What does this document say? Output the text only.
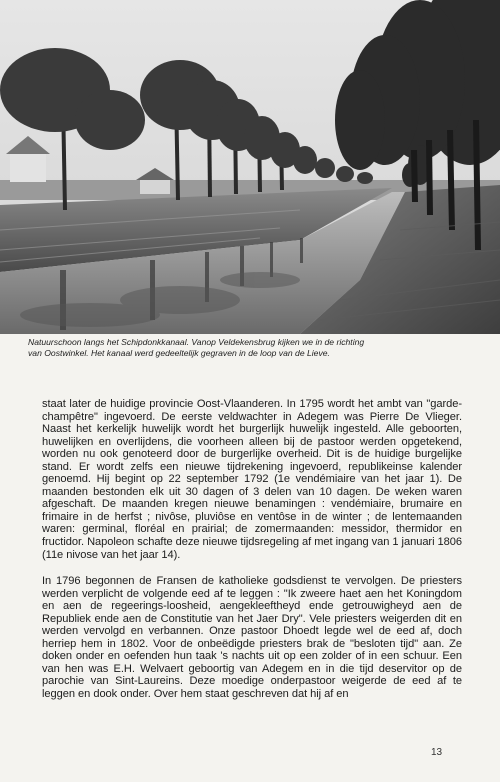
Natuurschoon langs het Schipdonkkanaal. Vanop Veldekensbrug kijken we in de richting van Oostwinkel. Het kanaal werd gedeeltelijk gegraven in de loop van de Lieve.

staat later de huidige provincie Oost-Vlaanderen. In 1795 wordt het ambt van "garde-champêtre" ingevoerd. De eerste veldwachter in Adegem was Pierre De Vlieger. Naast het kerkelijk huwelijk wordt het burgerlijk huwelijk ingesteld. Alle geboorten, huwelijken en overlijdens, die voorheen alleen bij de pastoor werden opgetekend, worden nu ook genoteerd door de burgerlijke overheid. Dit is de huidige burgelijke stand. Er wordt zelfs een nieuwe tijdrekening ingevoerd, republikeinse kalender genoemd. Hij begint op 22 september 1792 (1e vendémiaire van het jaar 1). De maanden bestonden elk uit 30 dagen of 3 delen van 10 dagen. De weken waren afgeschaft. De maanden kregen nieuwe benamingen : vendémiaire, brumaire en frimaire in de herfst ; nivôse, pluviôse en ventôse in de winter ; de lentemaanden waren: germinal, floréal en prairial; de zomermaanden: messidor, thermidor en fructidor. Napoleon schafte deze nieuwe tijdsregeling af met ingang van 1 januari 1806 (11e nivose van het jaar 14).

In 1796 begonnen de Fransen de katholieke godsdienst te vervolgen. De priesters werden verplicht de volgende eed af te leggen : "Ik zweere haet aen het Koningdom en aen de regeerings-loosheid, aengekleeftheyd ende getrouwigheyd aen de Republiek ende aen de Constitutie van het Jaer Dry". Vele priesters weigerden dit en werden vervolgd en verbannen. Onze pastoor Dhoedt legde wel de eed af, doch herriep hem in 1802. Voor de onbeëdigde priesters brak de "besloten tijd" aan. Ze doken onder en oefenden hun taak 's nachts uit op een zolder of in een schuur. Een van hen was E.H. Welvaert geboortig van Adegem en in die tijd deservitor op de parochie van Sint-Laureins. Deze moedige onderpastoor weigerde de eed af te leggen en dook onder. Over hem staat geschreven dat hij af en

13
